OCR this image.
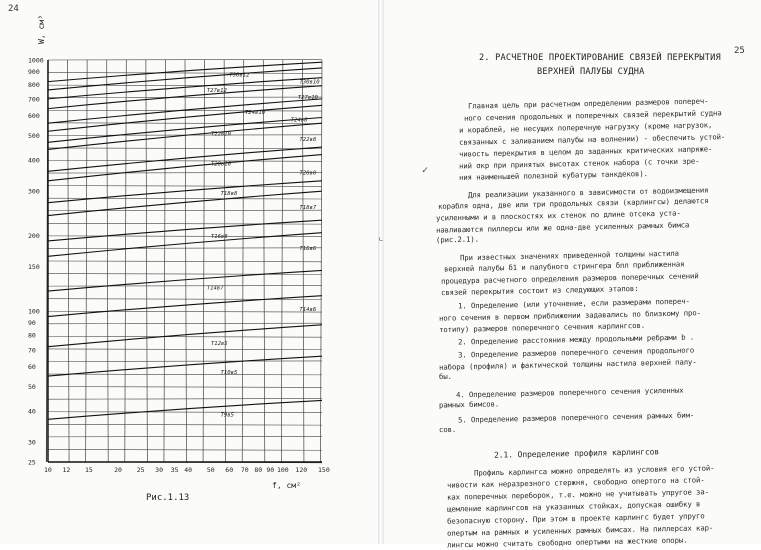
24
1000
900
800
700
600
500
400
300
200
150
100
90
80
70
60
50
40
30
25
10 12 15	20 25 30 35 40 50 60 70 80 90 100 120 150
Т30в12
Т30в10
Т27в12
Т27в10
Т24в10
Т24в8
Т22в10
Т22в8
Т20в10
Т20в8
Т18в8
Т18в7
Т16в8
Т16в6
Т14в7
Т14в6
Т12в5
Т10в5
Т9в5
W, см³
f, см²
Рис.1.13
25
2. РАСЧЕТНОЕ ПРОЕКТИРОВАНИЕ СВЯЗЕЙ ПЕРЕКРЫТИЯ
ВЕРХНЕЙ ПАЛУБЫ СУДНА
Главная цель при расчетном определении размеров попереч-
ного сечения продольных и поперечных связей перекрытий судна
и кораблей, не несущих поперечную нагрузку (кроме нагрузок,
связанных с заливанием палубы на волнении) - обеспечить устой-
чивость перекрытия в целом до заданных критических напряже-
ний σкр при принятых высотах стенок набора (с точки зре-
ния наименьшей полезной кубатуры танкдеков).
Для реализации указанного в зависимости от водоизмещения
корабля одна, две или три продольных связи (карлингсы) делаются
усиленными и в плоскостях их стенок по длине отсека уста-
навливаются пиллерсы или же одна-две усиленных рамных бимса
(рис.2.1).
При известных значениях приведенной толщины настила
верхней палубы δ1 и палубного стрингера δпл приближенная
процедура расчетного определения размеров поперечных сечений
связей перекрытия состоит из следующих этапов:
1. Определение (или уточнение, если размерами попереч-
ного сечения в первом приближении задавались по близкому про-
тотипу) размеров поперечного сечения карлингсов.
2. Определение расстояния между продольными ребрами b .
3. Определение размеров поперечного сечения продольного
набора (профиля) и фактической толщины настила верхней палу-
бы.
4. Определение размеров поперечного сечения усиленных
рамных бимсов.
5. Определение размеров поперечного сечения рамных бим-
сов.
2.1. Определение профиля карлингсов
Профиль карлингса можно определять из условия его устой-
чивости как неразрезного стержня, свободно опертого на стой-
ках поперечных переборок, т.е. можно не учитывать упругое за-
щемление карлингсов на указанных стойках, допуская ошибку в
безопасную сторону. При этом в проекте карлингс будет упруго
опертым на рамных и усиленных рамных бимсах. На пиллерсах кар-
лингсы можно считать свободно опертыми на жесткие опоры.
✓
⌞
